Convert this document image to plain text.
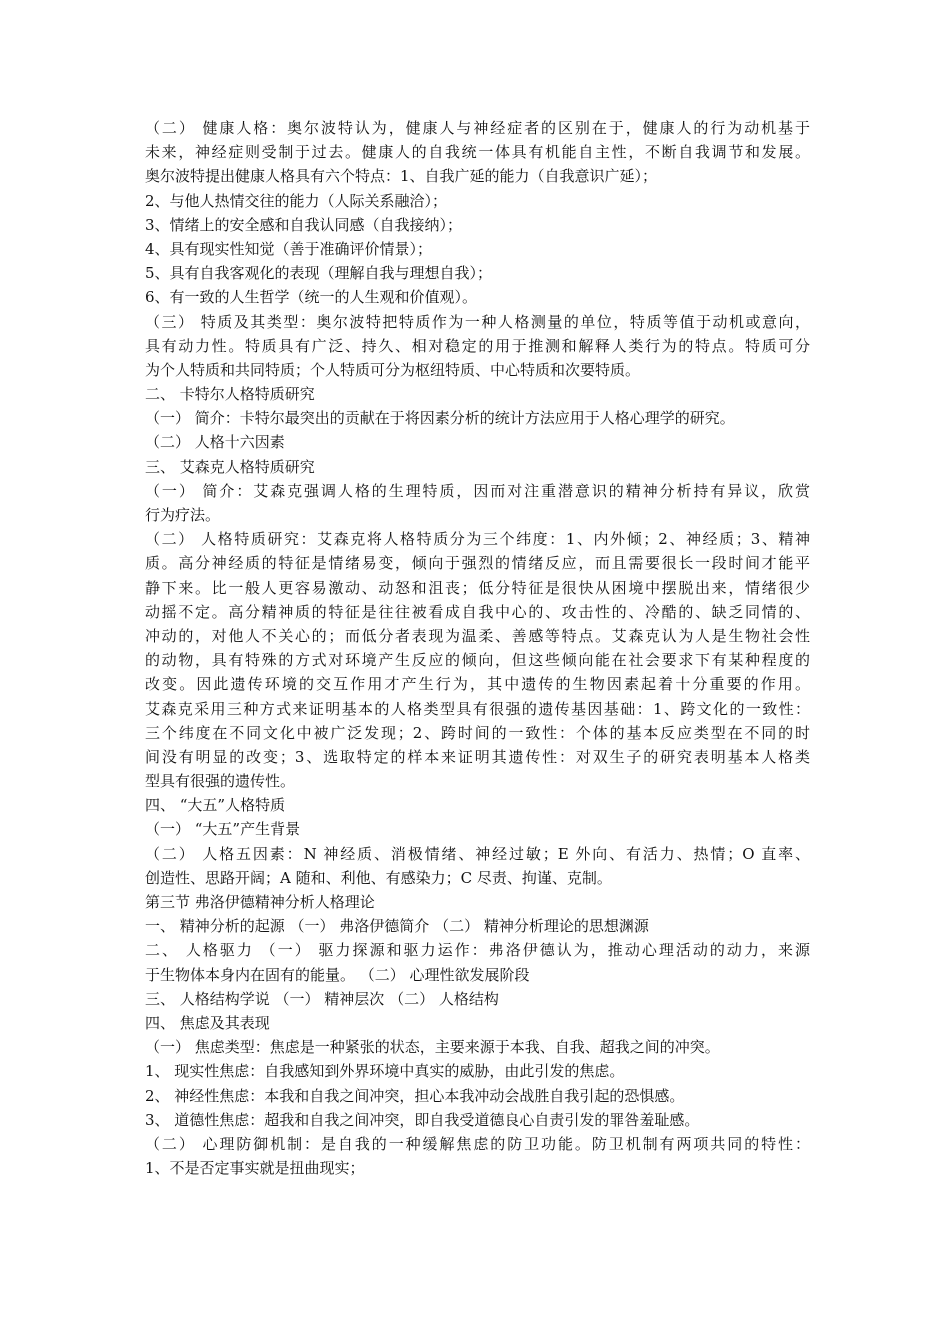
（二） 健康人格：奥尔波特认为，健康人与神经症者的区别在于，健康人的行为动机基于
未来，神经症则受制于过去。健康人的自我统一体具有机能自主性，不断自我调节和发展。
奥尔波特提出健康人格具有六个特点：1、自我广延的能力（自我意识广延）；
2、与他人热情交往的能力（人际关系融洽）；
3、情绪上的安全感和自我认同感（自我接纳）；
4、具有现实性知觉（善于准确评价情景）；
5、具有自我客观化的表现（理解自我与理想自我）；
6、有一致的人生哲学（统一的人生观和价值观）。
（三） 特质及其类型：奥尔波特把特质作为一种人格测量的单位，特质等值于动机或意向，
具有动力性。特质具有广泛、持久、相对稳定的用于推测和解释人类行为的特点。特质可分
为个人特质和共同特质；个人特质可分为枢纽特质、中心特质和次要特质。
二、 卡特尔人格特质研究
（一） 简介：卡特尔最突出的贡献在于将因素分析的统计方法应用于人格心理学的研究。
（二） 人格十六因素
三、 艾森克人格特质研究
（一） 简介：艾森克强调人格的生理特质，因而对注重潜意识的精神分析持有异议，欣赏
行为疗法。
（二） 人格特质研究：艾森克将人格特质分为三个纬度：1、内外倾；2、神经质；3、精神
质。高分神经质的特征是情绪易变，倾向于强烈的情绪反应，而且需要很长一段时间才能平
静下来。比一般人更容易激动、动怒和沮丧；低分特征是很快从困境中摆脱出来，情绪很少
动摇不定。高分精神质的特征是往往被看成自我中心的、攻击性的、冷酷的、缺乏同情的、
冲动的，对他人不关心的；而低分者表现为温柔、善感等特点。艾森克认为人是生物社会性
的动物，具有特殊的方式对环境产生反应的倾向，但这些倾向能在社会要求下有某种程度的
改变。因此遗传环境的交互作用才产生行为，其中遗传的生物因素起着十分重要的作用。
艾森克采用三种方式来证明基本的人格类型具有很强的遗传基因基础：1、跨文化的一致性：
三个纬度在不同文化中被广泛发现；2、跨时间的一致性：个体的基本反应类型在不同的时
间没有明显的改变；3、选取特定的样本来证明其遗传性：对双生子的研究表明基本人格类
型具有很强的遗传性。
四、 “大五”人格特质
（一） “大五”产生背景
（二） 人格五因素：N 神经质、消极情绪、神经过敏；E 外向、有活力、热情；O 直率、
创造性、思路开阔；A 随和、利他、有感染力；C 尽责、拘谨、克制。
第三节 弗洛伊德精神分析人格理论
一、 精神分析的起源 （一） 弗洛伊德简介 （二） 精神分析理论的思想渊源
二、 人格驱力 （一） 驱力探源和驱力运作：弗洛伊德认为，推动心理活动的动力，来源
于生物体本身内在固有的能量。 （二） 心理性欲发展阶段
三、 人格结构学说 （一） 精神层次 （二） 人格结构
四、 焦虑及其表现
（一） 焦虑类型：焦虑是一种紧张的状态，主要来源于本我、自我、超我之间的冲突。
1、 现实性焦虑：自我感知到外界环境中真实的威胁，由此引发的焦虑。
2、 神经性焦虑：本我和自我之间冲突，担心本我冲动会战胜自我引起的恐惧感。
3、 道德性焦虑：超我和自我之间冲突，即自我受道德良心自责引发的罪咎羞耻感。
（二） 心理防御机制：是自我的一种缓解焦虑的防卫功能。防卫机制有两项共同的特性：
1、不是否定事实就是扭曲现实；
